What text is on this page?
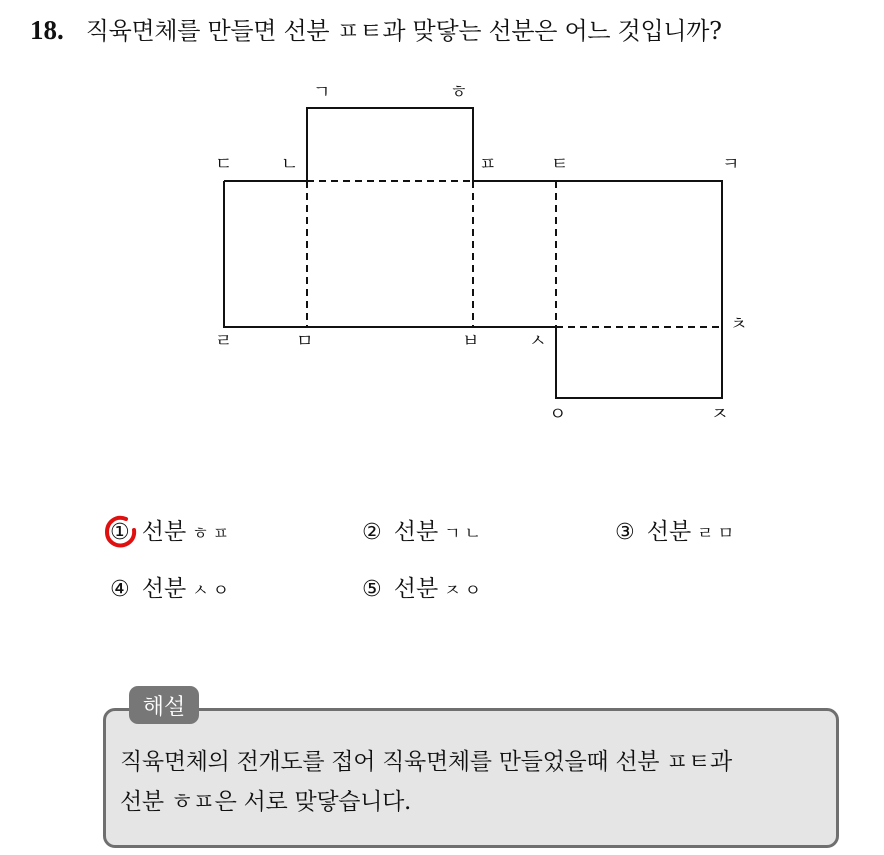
18. 직육면체를 만들면 선분 ㅍㅌ과 맞닿는 선분은 어느 것입니까?
ㄱ	ㅎ
ㄷ	ㄴ	ㅍ	ㅌ	ㅋ
ㅊ
ㄹ	ㅁ	ㅂ	ㅅ
ㅇ	ㅈ
① 선분 ㅎㅍ	② 선분 ㄱㄴ	③ 선분 ㄹㅁ
④ 선분 ㅅㅇ	⑤ 선분 ㅈㅇ
해설
직육면체의 전개도를 접어 직육면체를 만들었을때 선분 ㅍㅌ과
선분 ㅎㅍ은 서로 맞닿습니다.
